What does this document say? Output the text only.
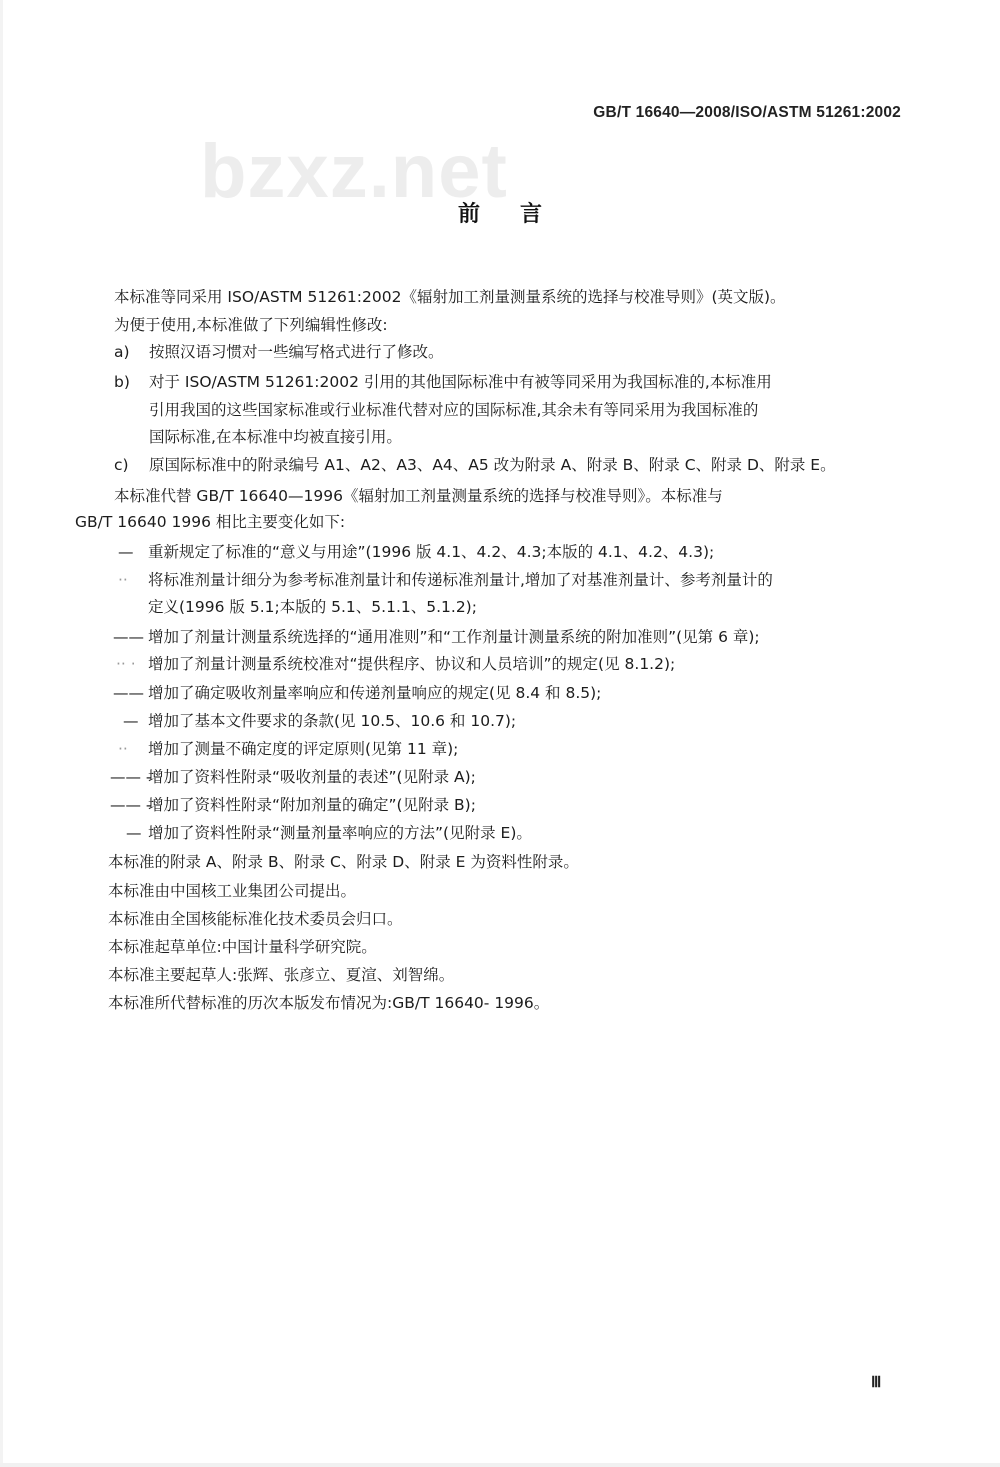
GB/T 16640—2008/ISO/ASTM 51261:2002
bzxz.net
前言
本标准等同采用 ISO/ASTM 51261:2002《辐射加工剂量测量系统的选择与校准导则》(英文版)。
为便于使用,本标准做了下列编辑性修改:
a) 按照汉语习惯对一些编写格式进行了修改。
b) 对于 ISO/ASTM 51261:2002 引用的其他国际标准中有被等同采用为我国标准的,本标准用
引用我国的这些国家标准或行业标准代替对应的国际标准,其余未有等同采用为我国标准的
国际标准,在本标准中均被直接引用。
c) 原国际标准中的附录编号 A1、A2、A3、A4、A5 改为附录 A、附录 B、附录 C、附录 D、附录 E。
本标准代替 GB/T 16640—1996《辐射加工剂量测量系统的选择与校准导则》。本标准与
GB/T 16640 1996 相比主要变化如下:
— 重新规定了标准的“意义与用途”(1996 版 4.1、4.2、4.3;本版的 4.1、4.2、4.3);
·· 将标准剂量计细分为参考标准剂量计和传递标准剂量计,增加了对基准剂量计、参考剂量计的
定义(1996 版 5.1;本版的 5.1、5.1.1、5.1.2);
—— 增加了剂量计测量系统选择的“通用准则”和“工作剂量计测量系统的附加准则”(见第 6 章);
·· · 增加了剂量计测量系统校准对“提供程序、协议和人员培训”的规定(见 8.1.2);
—— 增加了确定吸收剂量率响应和传递剂量响应的规定(见 8.4 和 8.5);
— 增加了基本文件要求的条款(见 10.5、10.6 和 10.7);
·· 增加了测量不确定度的评定原则(见第 11 章);
—— -
增加了资料性附录“吸收剂量的表述”(见附录 A);
—— -
增加了资料性附录“附加剂量的确定”(见附录 B);
— 增加了资料性附录“测量剂量率响应的方法”(见附录 E)。
本标准的附录 A、附录 B、附录 C、附录 D、附录 E 为资料性附录。
本标准由中国核工业集团公司提出。
本标准由全国核能标准化技术委员会归口。
本标准起草单位:中国计量科学研究院。
本标准主要起草人:张辉、张彦立、夏渲、刘智绵。
本标准所代替标准的历次本版发布情况为:GB/T 16640- 1996。
Ⅲ
